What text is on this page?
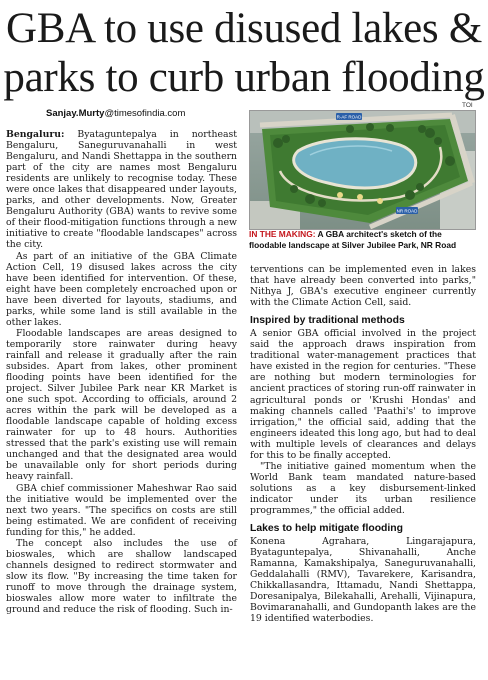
GBA to use disused lakes & parks to curb urban flooding
Sanjay.Murty@timesofindia.com
TOI
R-AF ROAD
NR ROAD
IN THE MAKING: A GBA architect's sketch of the floodable landscape at Silver Jubilee Park, NR Road

Bengaluru: Byataguntepalya in northeast Bengaluru, Saneguruvanahalli in west Bengaluru, and Nandi Shettappa in the southern part of the city are names most Bengaluru residents are unlikely to recognise today. These were once lakes that disappeared under layouts, parks, and other developments. Now, Greater Bengaluru Authority (GBA) wants to revive some of their flood-mitigation functions through a new initiative to create "floodable landscapes" across the city.

As part of an initiative of the GBA Climate Action Cell, 19 disused lakes across the city have been identified for intervention. Of these, eight have been completely encroached upon or have been diverted for layouts, stadiums, and parks, while some land is still available in the other lakes.

Floodable landscapes are areas designed to temporarily store rainwater during heavy rainfall and release it gradually after the rain subsides. Apart from lakes, other prominent flooding points have been identified for the project. Silver Jubilee Park near KR Market is one such spot. According to officials, around 2 acres within the park will be developed as a floodable landscape capable of holding excess rainwater for up to 48 hours. Authorities stressed that the park's existing use will remain unchanged and that the designated area would be unavailable only for short periods during heavy rainfall.

GBA chief commissioner Maheshwar Rao said the initiative would be implemented over the next two years. "The specifics on costs are still being estimated. We are confident of receiving funding for this," he added.

The concept also includes the use of bioswales, which are shallow landscaped channels designed to redirect stormwater and slow its flow. "By increasing the time taken for runoff to move through the drainage system, bioswales allow more water to infiltrate the ground and reduce the risk of flooding. Such in-

terventions can be implemented even in lakes that have already been converted into parks," Nithya J, GBA's executive engineer currently with the Climate Action Cell, said.

Inspired by traditional methods

A senior GBA official involved in the project said the approach draws inspiration from traditional water-management practices that have existed in the region for centuries. "These are nothing but modern terminologies for ancient practices of storing run-off rainwater in agricultural ponds or 'Krushi Hondas' and making channels called 'Paathi's' to improve irrigation," the official said, adding that the engineers ideated this long ago, but had to deal with multiple levels of clearances and delays for this to be finally accepted.

"The initiative gained momentum when the World Bank team mandated nature-based solutions as a key disbursement-linked indicator under its urban resilience programmes," the official added.

Lakes to help mitigate flooding

Konena Agrahara, Lingarajapura, Byataguntepalya, Shivanahalli, Anche Ramanna, Kamakshipalya, Saneguruvanahalli, Geddalahalli (RMV), Tavarekere, Karisandra, Chikkallasandra, Ittamadu, Nandi Shettappa, Doresanipalya, Bilekahalli, Arehalli, Vijinapura, Bovimaranahalli, and Gundopanth lakes are the 19 identified waterbodies.
